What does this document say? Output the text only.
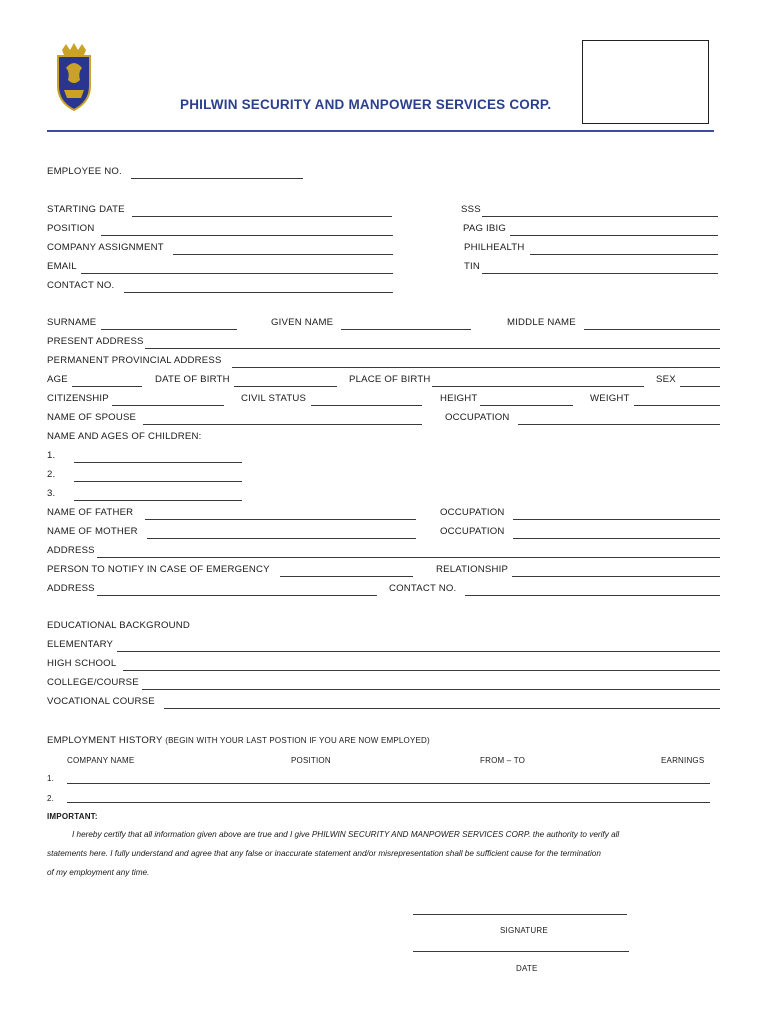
PHILWIN SECURITY AND MANPOWER SERVICES CORP.
EMPLOYEE NO.
STARTING DATE
POSITION
COMPANY ASSIGNMENT
EMAIL
CONTACT NO.
SSS
PAG IBIG
PHILHEALTH
TIN
SURNAME	GIVEN NAME	MIDDLE NAME
PRESENT ADDRESS
PERMANENT PROVINCIAL ADDRESS
AGE	DATE OF BIRTH	PLACE OF BIRTH	SEX
CITIZENSHIP	CIVIL STATUS	HEIGHT	WEIGHT
NAME OF SPOUSE	OCCUPATION
NAME AND AGES OF CHILDREN:
1.
2.
3.
NAME OF FATHER	OCCUPATION
NAME OF MOTHER	OCCUPATION
ADDRESS
PERSON TO NOTIFY IN CASE OF EMERGENCY	RELATIONSHIP
ADDRESS	CONTACT NO.
EDUCATIONAL BACKGROUND
ELEMENTARY
HIGH SCHOOL
COLLEGE/COURSE
VOCATIONAL COURSE
EMPLOYMENT HISTORY (BEGIN WITH YOUR LAST POSTION IF YOU ARE NOW EMPLOYED)
COMPANY NAME	POSITION	FROM – TO	EARNINGS
1.
2.
IMPORTANT:
I hereby certify that all information given above are true and I give PHILWIN SECURITY AND MANPOWER SERVICES CORP. the authority to verify all
statements here. I fully understand and agree that any false or inaccurate statement and/or misrepresentation shall be sufficient cause for the termination
of my employment any time.
SIGNATURE
DATE
